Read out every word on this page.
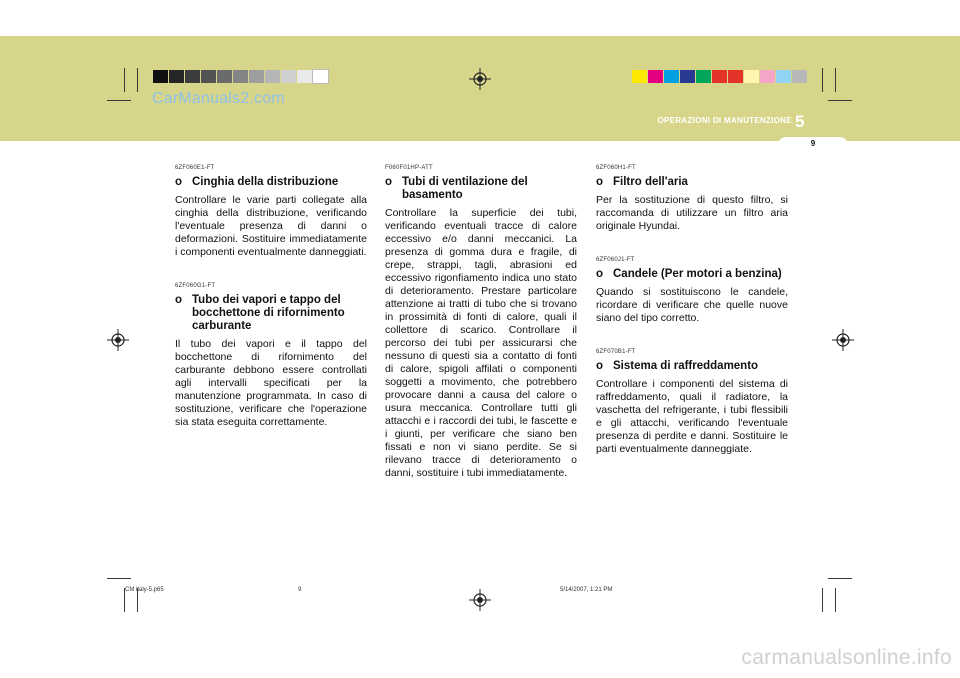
CarManuals2.com
OPERAZIONI DI MANUTENZIONE 5
9
6ZF060E1-FT
o Cinghia della distribuzione

Controllare le varie parti collegate alla cinghia della distribuzione, verificando l'eventuale presenza di danni o deformazioni. Sostituire immediatamente i componenti eventualmente danneggiati.

6ZF060G1-FT
o Tubo dei vapori e tappo del bocchettone di rifornimento carburante

Il tubo dei vapori e il tappo del bocchettone di rifornimento del carburante debbono essere controllati agli intervalli specificati per la manutenzione programmata. In caso di sostituzione, verificare che l'operazione sia stata eseguita correttamente.

F060F01HP-ATT
o Tubi di ventilazione del basamento

Controllare la superficie dei tubi, verificando eventuali tracce di calore eccessivo e/o danni meccanici. La presenza di gomma dura e fragile, di crepe, strappi, tagli, abrasioni ed eccessivo rigonfiamento indica uno stato di deterioramento. Prestare particolare attenzione ai tratti di tubo che si trovano in prossimità di fonti di calore, quali il collettore di scarico. Controllare il percorso dei tubi per assicurarsi che nessuno di questi sia a contatto di fonti di calore, spigoli affilati o componenti soggetti a movimento, che potrebbero provocare danni a causa del calore o usura meccanica. Controllare tutti gli attacchi e i raccordi dei tubi, le fascette e i giunti, per verificare che siano ben fissati e non vi siano perdite. Se si rilevano tracce di deterioramento o danni, sostituire i tubi immediatamente.

6ZF060H1-FT
o Filtro dell'aria

Per la sostituzione di questo filtro, si raccomanda di utilizzare un filtro aria originale Hyundai.

6ZF060J1-FT
o Candele (Per motori a benzina)

Quando si sostituiscono le candele, ricordare di verificare che quelle nuove siano del tipo corretto.

6ZF070B1-FT
o Sistema di raffreddamento

Controllare i componenti del sistema di raffreddamento, quali il radiatore, la vaschetta del refrigerante, i tubi flessibili e gli attacchi, verificando l'eventuale presenza di perdite e danni. Sostituire le parti eventualmente danneggiate.

CM italy-5.p65	9	5/14/2007, 1:21 PM
carmanualsonline.info
